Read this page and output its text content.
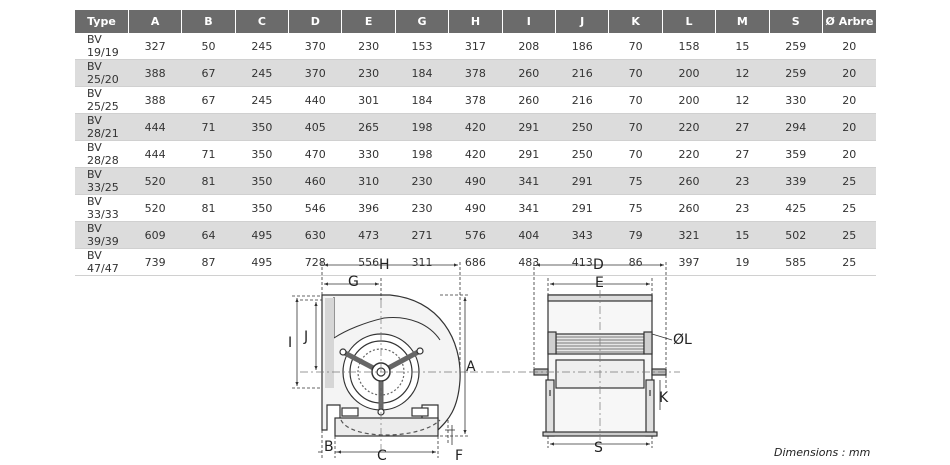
Type	A	B	C	D	E	G	H	I	J	K	L	M	S	Ø Arbre
BV 19/19	327	50	245	370	230	153	317	208	186	70	158	15	259	20
BV 25/20	388	67	245	370	230	184	378	260	216	70	200	12	259	20
BV 25/25	388	67	245	440	301	184	378	260	216	70	200	12	330	20
BV 28/21	444	71	350	405	265	198	420	291	250	70	220	27	294	20
BV 28/28	444	71	350	470	330	198	420	291	250	70	220	27	359	20
BV 33/25	520	81	350	460	310	230	490	341	291	75	260	23	339	25
BV 33/33	520	81	350	546	396	230	490	341	291	75	260	23	425	25
BV 39/39	609	64	495	630	473	271	576	404	343	79	321	15	502	25
BV 47/47	739	87	495	728	556	311	686	483	413	86	397	19	585	25
H
G
J
I
A
B
C	F
D
E
ØL
K
S	Dimensions : mm
